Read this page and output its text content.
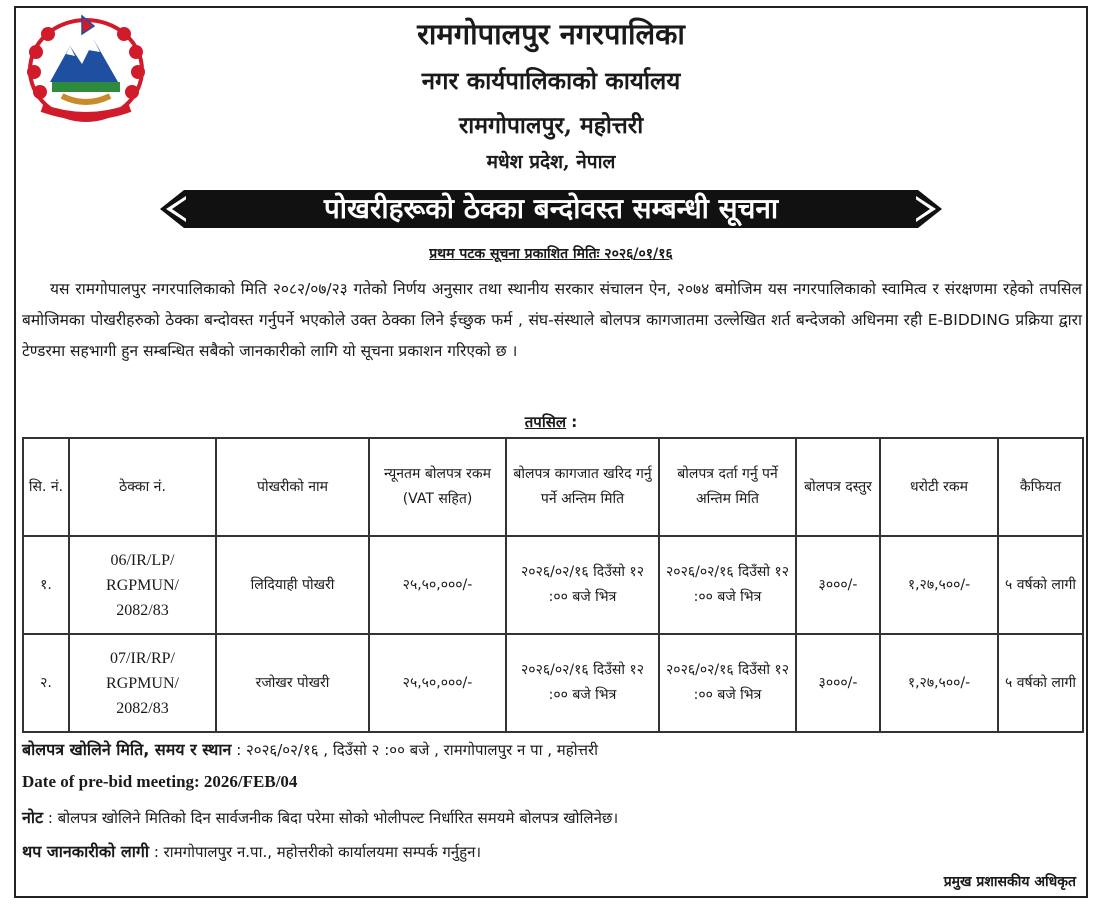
रामगोपालपुर नगरपालिका
नगर कार्यपालिकाको कार्यालय
रामगोपालपुर, महोत्तरी
मधेश प्रदेश, नेपाल
पोखरीहरूको ठेक्का बन्दोवस्त सम्बन्धी सूचना
प्रथम पटक सूचना प्रकाशित मितिः २०२६/०१/१६
यस रामगोपालपुर नगरपालिकाको मिति २०८२/०७/२३ गतेको निर्णय अनुसार तथा स्थानीय सरकार संचालन ऐन, २०७४ बमोजिम यस नगरपालिकाको स्वामित्व र संरक्षणमा रहेको तपसिल बमोजिमका पोखरीहरुको ठेक्का बन्दोवस्त गर्नुपर्ने भएकोले उक्त ठेक्का लिने ईच्छुक फर्म , संघ-संस्थाले बोलपत्र कागजातमा उल्लेखित शर्त बन्देजको अधिनमा रही E-BIDDING प्रक्रिया द्वारा टेण्डरमा सहभागी हुन सम्बन्धित सबैको जानकारीको लागि यो सूचना प्रकाशन गरिएको छ ।
तपसिल :
सि. नं.	ठेक्का नं.	पोखरीको नाम	न्यूनतम बोलपत्र रकम (VAT सहित)	बोलपत्र कागजात खरिद गर्नु पर्ने अन्तिम मिति	बोलपत्र दर्ता गर्नु पर्ने अन्तिम मिति	बोलपत्र दस्तुर	धरोटी रकम	कैफियत
१.	06/IR/LP/
RGPMUN/
2082/83	लिदियाही पोखरी	२५,५०,०००/-	२०२६/०२/१६ दिउँसो १२ :०० बजे भित्र	२०२६/०२/१६ दिउँसो १२ :०० बजे भित्र	३०००/-	१,२७,५००/-	५ वर्षको लागी
२.	07/IR/RP/
RGPMUN/
2082/83	रजोखर पोखरी	२५,५०,०००/-	२०२६/०२/१६ दिउँसो १२ :०० बजे भित्र	२०२६/०२/१६ दिउँसो १२ :०० बजे भित्र	३०००/-	१,२७,५००/-	५ वर्षको लागी
बोलपत्र खोलिने मिति, समय र स्थान : २०२६/०२/१६ , दिउँसो २ :०० बजे , रामगोपालपुर न पा , महोत्तरी
Date of pre-bid meeting: 2026/FEB/04
नोट : बोलपत्र खोलिने मितिको दिन सार्वजनीक बिदा परेमा सोको भोलीपल्ट निर्धारित समयमे बोलपत्र खोलिनेछ।
थप जानकारीको लागी : रामगोपालपुर न.पा., महोत्तरीको कार्यालयमा सम्पर्क गर्नुहुन।
प्रमुख प्रशासकीय अधिकृत
